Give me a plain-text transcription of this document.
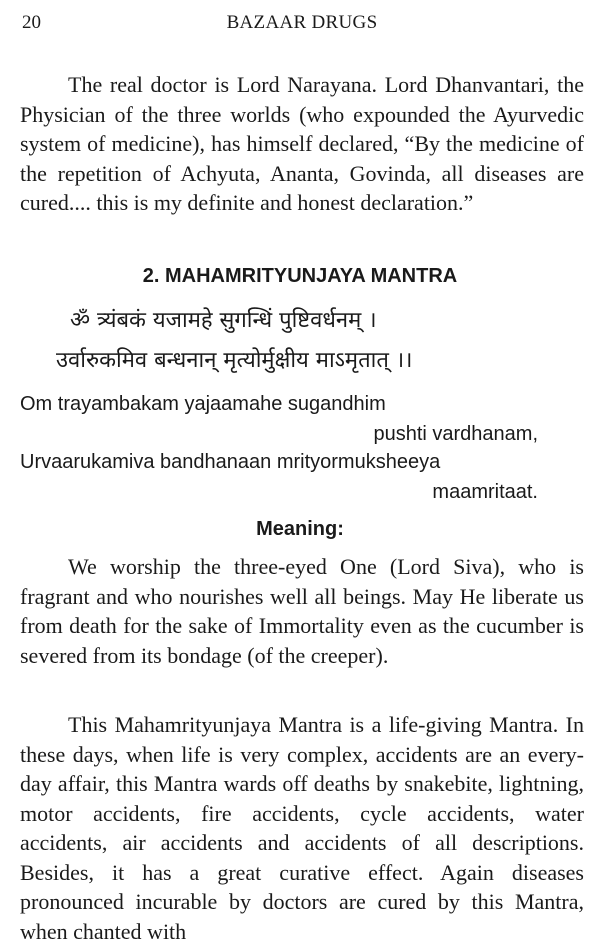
20	BAZAAR DRUGS

The real doctor is Lord Narayana. Lord Dhanvantari, the Physician of the three worlds (who expounded the Ayurvedic system of medicine), has himself declared, “By the medicine of the repetition of Achyuta, Ananta, Govinda, all diseases are cured.... this is my definite and honest declaration.”

2. MAHAMRITYUNJAYA MANTRA
ॐ त्र्यंबकं यजामहे सुगन्धिं पुष्टिवर्धनम् ।
उर्वारुकमिव बन्धनान् मृत्योर्मुक्षीय माऽमृतात् ।।
Om trayambakam yajaamahe sugandhim
pushti vardhanam,
Urvaarukamiva bandhanaan mrityormuksheeya
maamritaat.
Meaning:

We worship the three-eyed One (Lord Siva), who is fragrant and who nourishes well all beings. May He liberate us from death for the sake of Immortality even as the cucumber is severed from its bondage (of the creeper).

This Mahamrityunjaya Mantra is a life-giving Mantra. In these days, when life is very complex, accidents are an every-day affair, this Mantra wards off deaths by snakebite, lightning, motor accidents, fire accidents, cycle accidents, water accidents, air accidents and accidents of all descriptions. Besides, it has a great curative effect. Again diseases pronounced incurable by doctors are cured by this Mantra, when chanted with
